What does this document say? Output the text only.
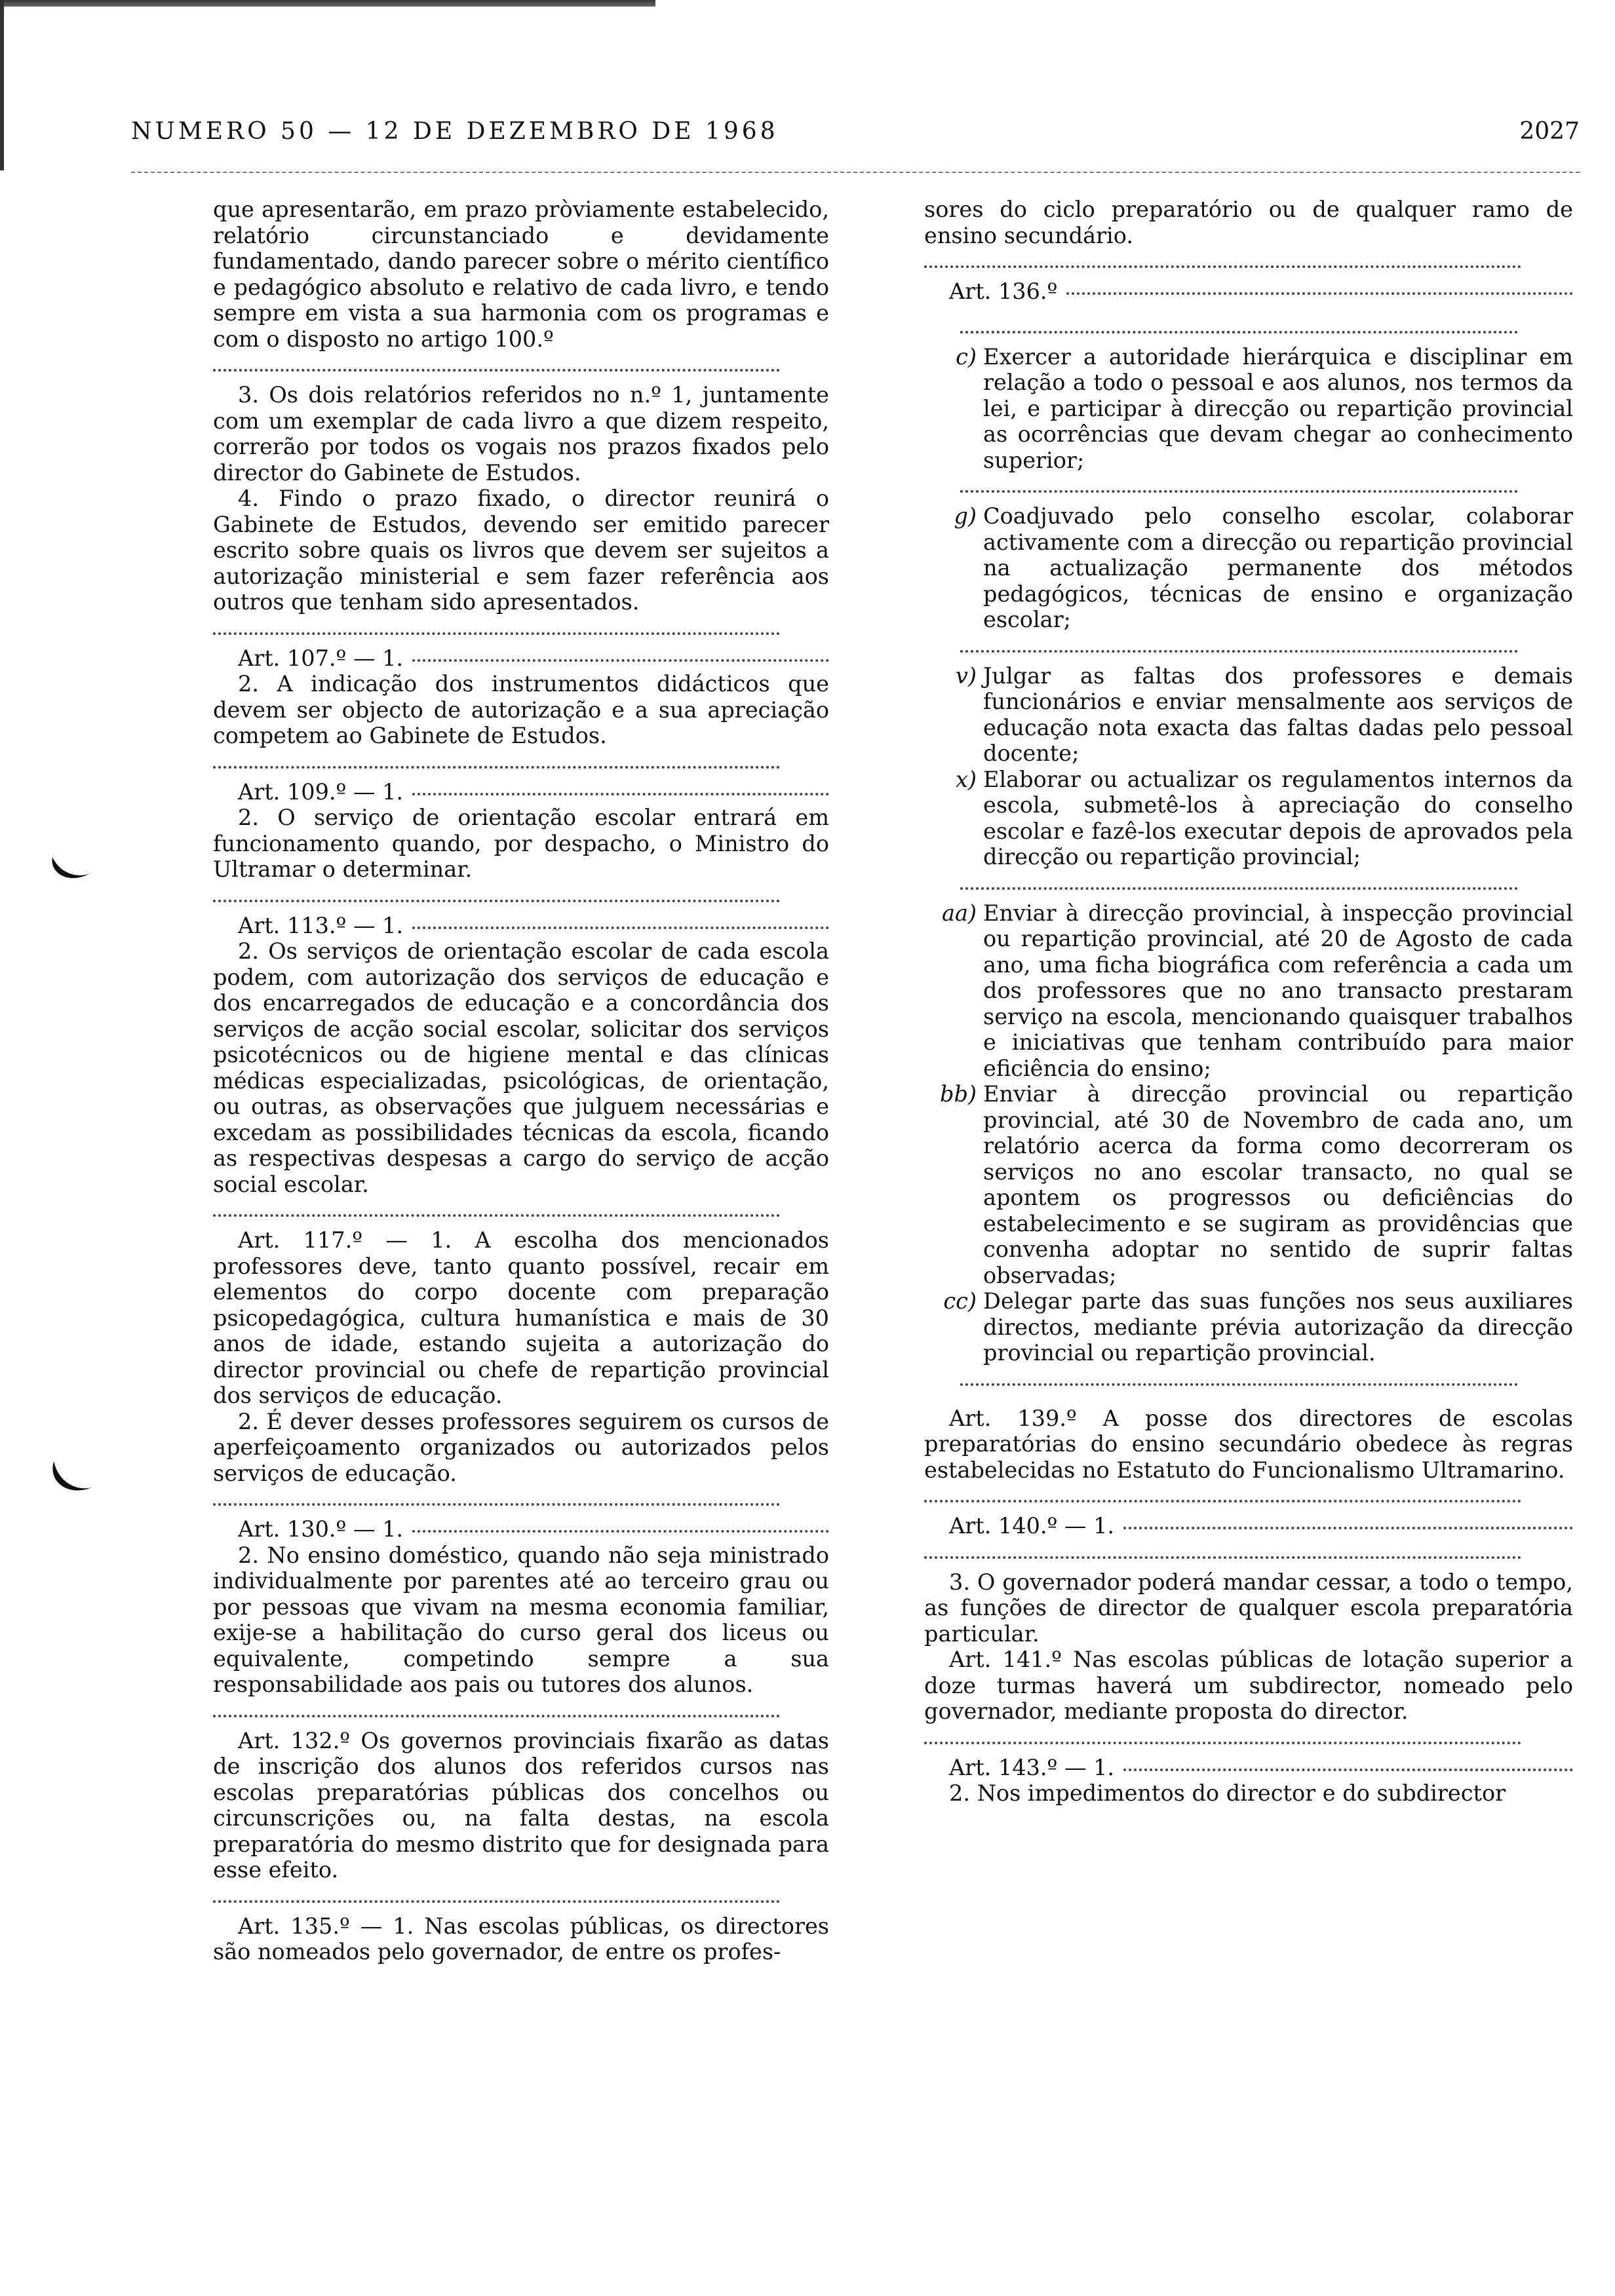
NUMERO 50 — 12 DE DEZEMBRO DE 1968	2027

que apresentarão, em prazo pròviamente estabelecido, relatório circunstanciado e devidamente fundamentado, dando parecer sobre o mérito científico e pedagógico absoluto e relativo de cada livro, e tendo sempre em vista a sua harmonia com os programas e com o disposto no artigo 100.º

3. Os dois relatórios referidos no n.º 1, juntamente com um exemplar de cada livro a que dizem respeito, correrão por todos os vogais nos prazos fixados pelo director do Gabinete de Estudos.

4. Findo o prazo fixado, o director reunirá o Gabinete de Estudos, devendo ser emitido parecer escrito sobre quais os livros que devem ser sujeitos a autorização ministerial e sem fazer referência aos outros que tenham sido apresentados.

Art. 107.º — 1.

2. A indicação dos instrumentos didácticos que devem ser objecto de autorização e a sua apreciação competem ao Gabinete de Estudos.

Art. 109.º — 1.

2. O serviço de orientação escolar entrará em funcionamento quando, por despacho, o Ministro do Ultramar o determinar.

Art. 113.º — 1.

2. Os serviços de orientação escolar de cada escola podem, com autorização dos serviços de educação e dos encarregados de educação e a concordância dos serviços de acção social escolar, solicitar dos serviços psicotécnicos ou de higiene mental e das clínicas médicas especializadas, psicológicas, de orientação, ou outras, as observações que julguem necessárias e excedam as possibilidades técnicas da escola, ficando as respectivas despesas a cargo do serviço de acção social escolar.

Art. 117.º — 1. A escolha dos mencionados professores deve, tanto quanto possível, recair em elementos do corpo docente com preparação psicopedagógica, cultura humanística e mais de 30 anos de idade, estando sujeita a autorização do director provincial ou chefe de repartição provincial dos serviços de educação.

2. É dever desses professores seguirem os cursos de aperfeiçoamento organizados ou autorizados pelos serviços de educação.

Art. 130.º — 1.

2. No ensino doméstico, quando não seja ministrado individualmente por parentes até ao terceiro grau ou por pessoas que vivam na mesma economia familiar, exije-se a habilitação do curso geral dos liceus ou equivalente, competindo sempre a sua responsabilidade aos pais ou tutores dos alunos.

Art. 132.º Os governos provinciais fixarão as datas de inscrição dos alunos dos referidos cursos nas escolas preparatórias públicas dos concelhos ou circunscrições ou, na falta destas, na escola preparatória do mesmo distrito que for designada para esse efeito.

Art. 135.º — 1. Nas escolas públicas, os directores são nomeados pelo governador, de entre os profes-

sores do ciclo preparatório ou de qualquer ramo de ensino secundário.

Art. 136.º
c) Exercer a autoridade hierárquica e disciplinar em relação a todo o pessoal e aos alunos, nos termos da lei, e participar à direcção ou repartição provincial as ocorrências que devam chegar ao conhecimento superior;
g) Coadjuvado pelo conselho escolar, colaborar activamente com a direcção ou repartição provincial na actualização permanente dos métodos pedagógicos, técnicas de ensino e organização escolar;
v) Julgar as faltas dos professores e demais funcionários e enviar mensalmente aos serviços de educação nota exacta das faltas dadas pelo pessoal docente;
x) Elaborar ou actualizar os regulamentos internos da escola, submetê-los à apreciação do conselho escolar e fazê-los executar depois de aprovados pela direcção ou repartição provincial;
aa) Enviar à direcção provincial, à inspecção provincial ou repartição provincial, até 20 de Agosto de cada ano, uma ficha biográfica com referência a cada um dos professores que no ano transacto prestaram serviço na escola, mencionando quaisquer trabalhos e iniciativas que tenham contribuído para maior eficiência do ensino;
bb) Enviar à direcção provincial ou repartição provincial, até 30 de Novembro de cada ano, um relatório acerca da forma como decorreram os serviços no ano escolar transacto, no qual se apontem os progressos ou deficiências do estabelecimento e se sugiram as providências que convenha adoptar no sentido de suprir faltas observadas;
cc) Delegar parte das suas funções nos seus auxiliares directos, mediante prévia autorização da direcção provincial ou repartição provincial.

Art. 139.º A posse dos directores de escolas preparatórias do ensino secundário obedece às regras estabelecidas no Estatuto do Funcionalismo Ultramarino.

Art. 140.º — 1.

3. O governador poderá mandar cessar, a todo o tempo, as funções de director de qualquer escola preparatória particular.

Art. 141.º Nas escolas públicas de lotação superior a doze turmas haverá um subdirector, nomeado pelo governador, mediante proposta do director.

Art. 143.º — 1.

2. Nos impedimentos do director e do subdirector
